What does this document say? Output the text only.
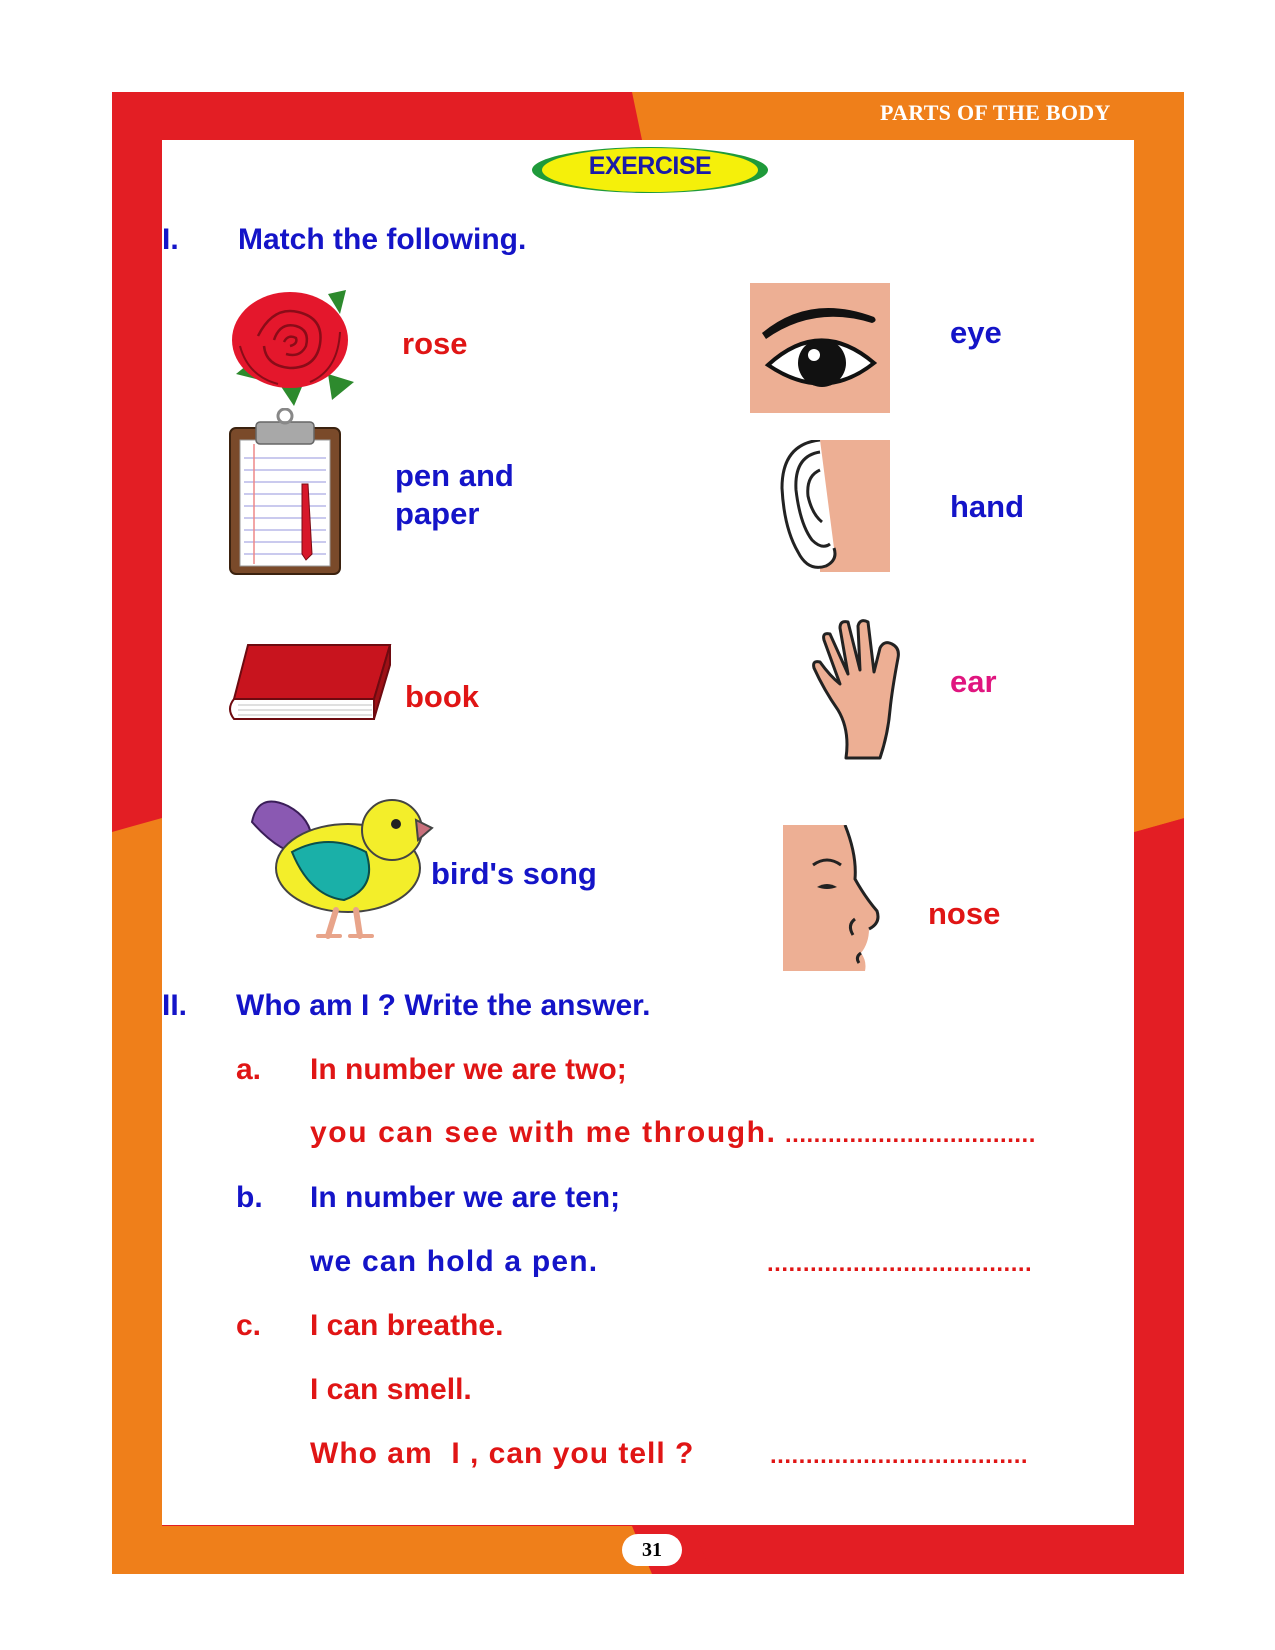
PARTS OF THE BODY
EXERCISE
I. Match the following.
rose
pen and
paper
book
bird's song
eye
hand
ear
nose
II. Who am I ? Write the answer.
a. In number we are two;
you can see with me through. ...................................
b. In number we are ten;
we can hold a pen.	.....................................
c. I can breathe.
I can smell.
Who am  I , can you tell ?	....................................
31
